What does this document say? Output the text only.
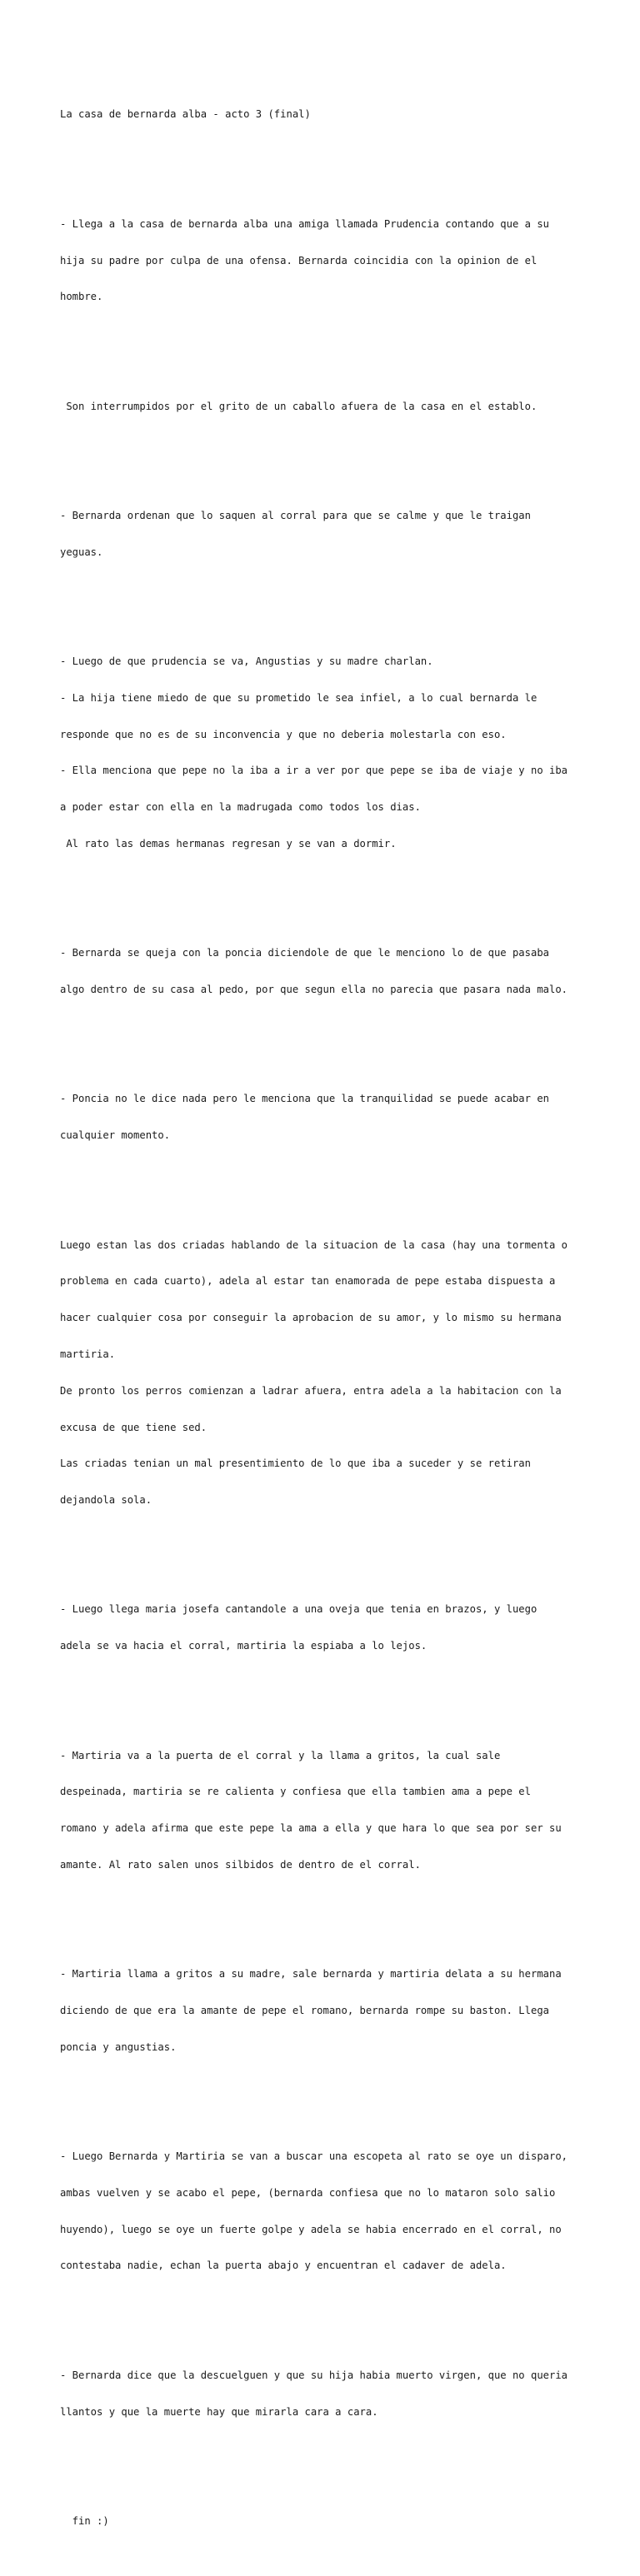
La casa de bernarda alba - acto 3 (final)

- Llega a la casa de bernarda alba una amiga llamada Prudencia contando que a su

hija su padre por culpa de una ofensa. Bernarda coincidia con la opinion de el

hombre.

Son interrumpidos por el grito de un caballo afuera de la casa en el establo.

- Bernarda ordenan que lo saquen al corral para que se calme y que le traigan

yeguas.

- Luego de que prudencia se va, Angustias y su madre charlan.

- La hija tiene miedo de que su prometido le sea infiel, a lo cual bernarda le

responde que no es de su inconvencia y que no deberia molestarla con eso.

- Ella menciona que pepe no la iba a ir a ver por que pepe se iba de viaje y no iba

a poder estar con ella en la madrugada como todos los dias.

Al rato las demas hermanas regresan y se van a dormir.

- Bernarda se queja con la poncia diciendole de que le menciono lo de que pasaba

algo dentro de su casa al pedo, por que segun ella no parecia que pasara nada malo.

- Poncia no le dice nada pero le menciona que la tranquilidad se puede acabar en

cualquier momento.

Luego estan las dos criadas hablando de la situacion de la casa (hay una tormenta o

problema en cada cuarto), adela al estar tan enamorada de pepe estaba dispuesta a

hacer cualquier cosa por conseguir la aprobacion de su amor, y lo mismo su hermana

martiria.

De pronto los perros comienzan a ladrar afuera, entra adela a la habitacion con la

excusa de que tiene sed.

Las criadas tenian un mal presentimiento de lo que iba a suceder y se retiran

dejandola sola.

- Luego llega maria josefa cantandole a una oveja que tenia en brazos, y luego

adela se va hacia el corral, martiria la espiaba a lo lejos.

- Martiria va a la puerta de el corral y la llama a gritos, la cual sale

despeinada, martiria se re calienta y confiesa que ella tambien ama a pepe el

romano y adela afirma que este pepe la ama a ella y que hara lo que sea por ser su

amante. Al rato salen unos silbidos de dentro de el corral.

- Martiria llama a gritos a su madre, sale bernarda y martiria delata a su hermana

diciendo de que era la amante de pepe el romano, bernarda rompe su baston. Llega

poncia y angustias.

- Luego Bernarda y Martiria se van a buscar una escopeta al rato se oye un disparo,

ambas vuelven y se acabo el pepe, (bernarda confiesa que no lo mataron solo salio

huyendo), luego se oye un fuerte golpe y adela se habia encerrado en el corral, no

contestaba nadie, echan la puerta abajo y encuentran el cadaver de adela.

- Bernarda dice que la descuelguen y que su hija habia muerto virgen, que no queria

llantos y que la muerte hay que mirarla cara a cara.

fin :)
